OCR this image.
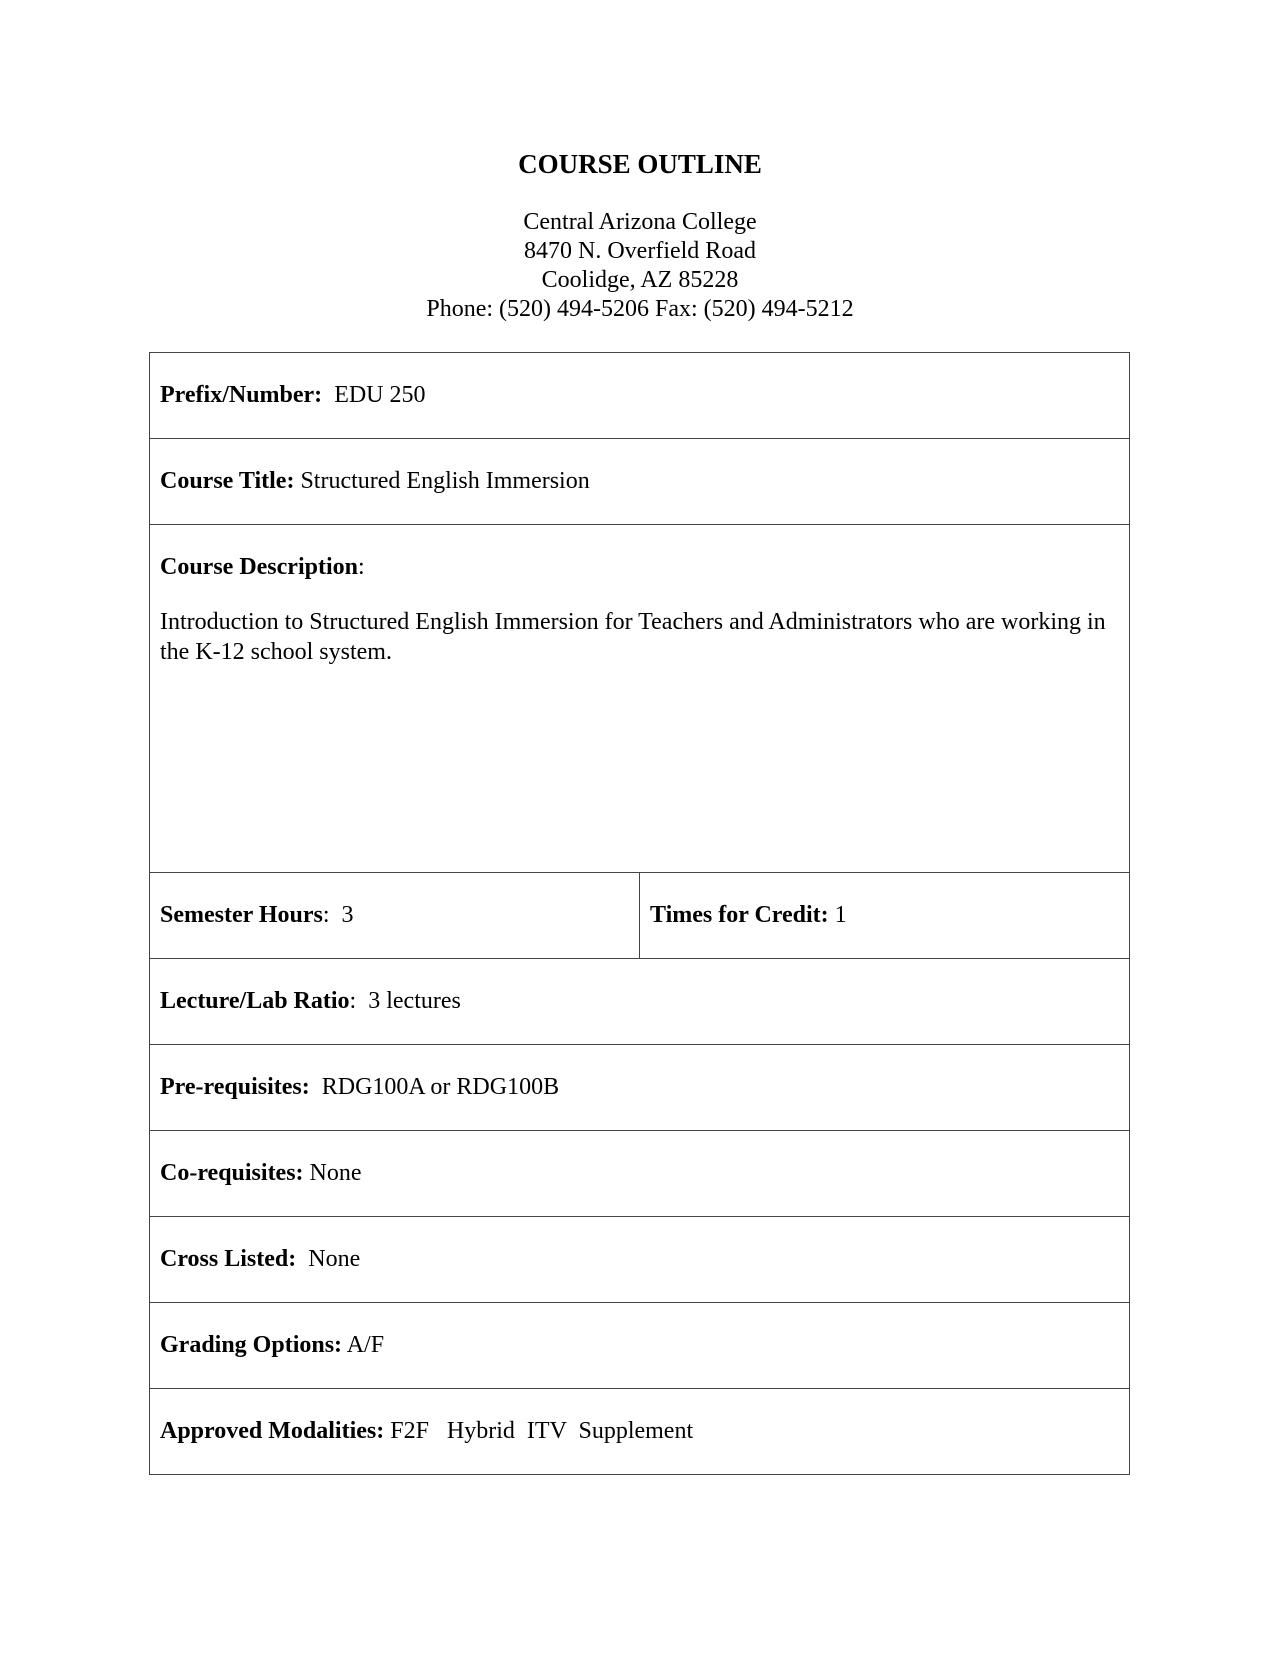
COURSE OUTLINE
Central Arizona College
8470 N. Overfield Road
Coolidge, AZ 85228
Phone: (520) 494-5206 Fax: (520) 494-5212
Prefix/Number:  EDU 250
Course Title: Structured English Immersion

Course Description:
Introduction to Structured English Immersion for Teachers and Administrators who are working in the K-12 school system.

Semester Hours:  3	Times for Credit: 1
Lecture/Lab Ratio:  3 lectures
Pre-requisites:  RDG100A or RDG100B
Co-requisites: None
Cross Listed:  None
Grading Options: A/F
Approved Modalities: F2F   Hybrid  ITV  Supplement
